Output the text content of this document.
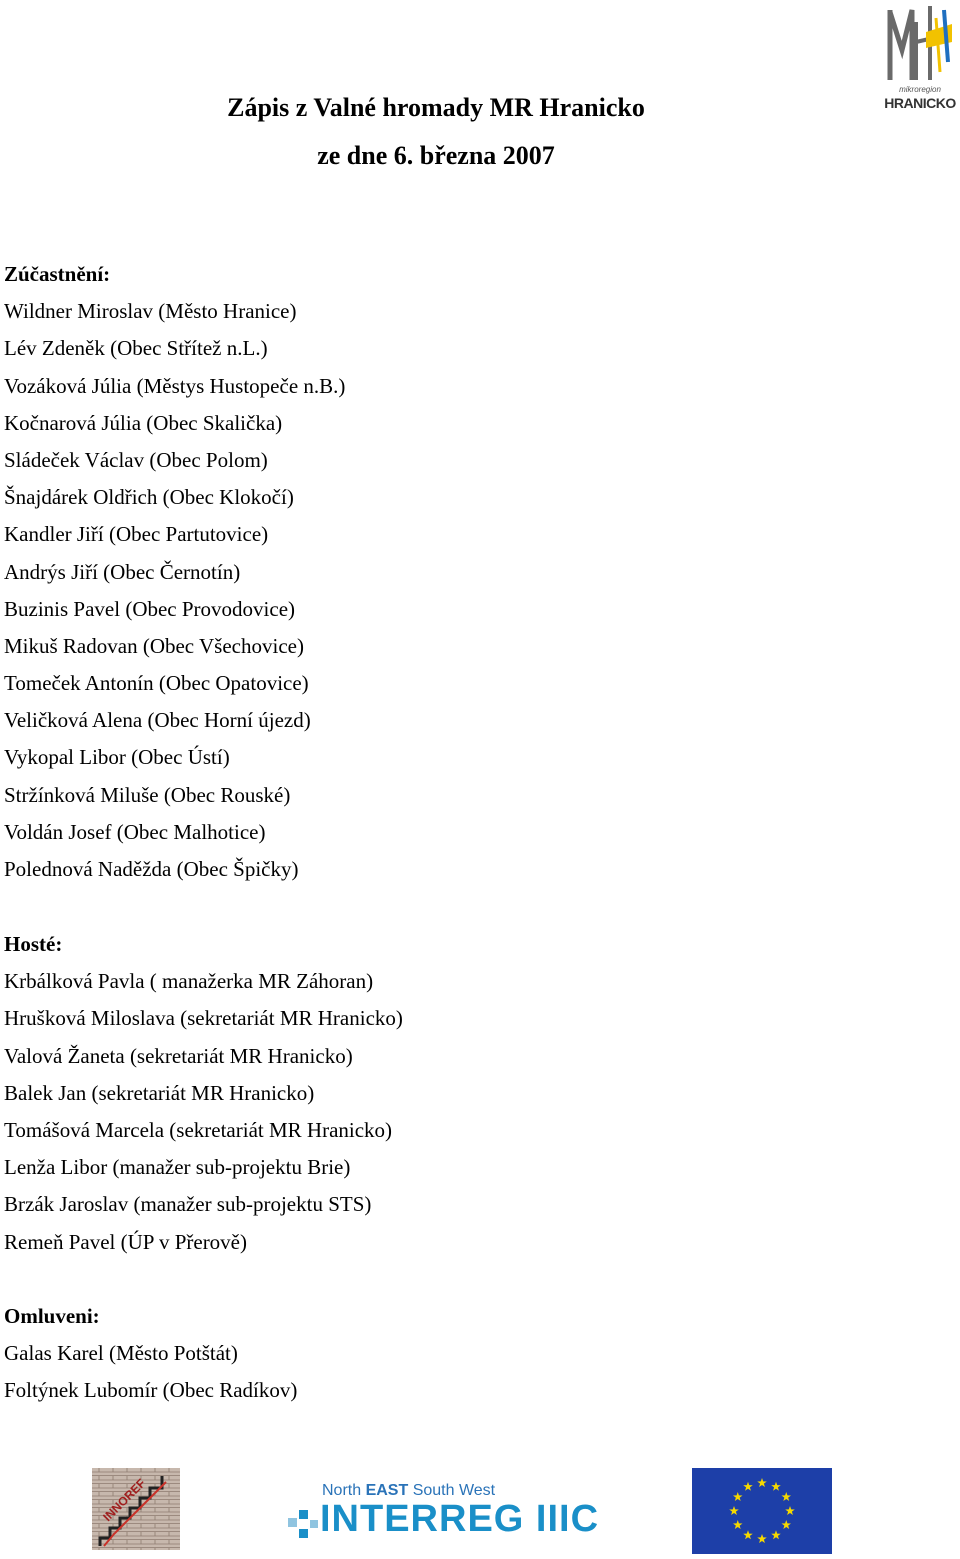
mikroregion
HRANICKO
Zápis z Valné hromady MR Hranicko
ze dne 6. března 2007
Zúčastnění:
Wildner Miroslav (Město Hranice)
Lév Zdeněk (Obec Střítež n.L.)
Vozáková Júlia (Městys Hustopeče n.B.)
Kočnarová Júlia (Obec Skalička)
Sládeček Václav (Obec Polom)
Šnajdárek Oldřich (Obec Klokočí)
Kandler Jiří (Obec Partutovice)
Andrýs Jiří (Obec Černotín)
Buzinis Pavel (Obec Provodovice)
Mikuš Radovan (Obec Všechovice)
Tomeček Antonín (Obec Opatovice)
Veličková Alena (Obec Horní újezd)
Vykopal Libor (Obec Ústí)
Stržínková Miluše (Obec Rouské)
Voldán Josef (Obec Malhotice)
Polednová Naděžda (Obec Špičky)
Hosté:
Krbálková Pavla ( manažerka MR Záhoran)
Hrušková Miloslava (sekretariát MR Hranicko)
Valová Žaneta (sekretariát MR Hranicko)
Balek Jan (sekretariát MR Hranicko)
Tomášová Marcela (sekretariát MR Hranicko)
Lenža Libor (manažer sub-projektu Brie)
Brzák Jaroslav (manažer sub-projektu STS)
Remeň Pavel (ÚP v Přerově)
Omluveni:
Galas Karel (Město Potštát)
Foltýnek Lubomír (Obec Radíkov)
INNOREF	North EAST South West
INTERREG IIIC
